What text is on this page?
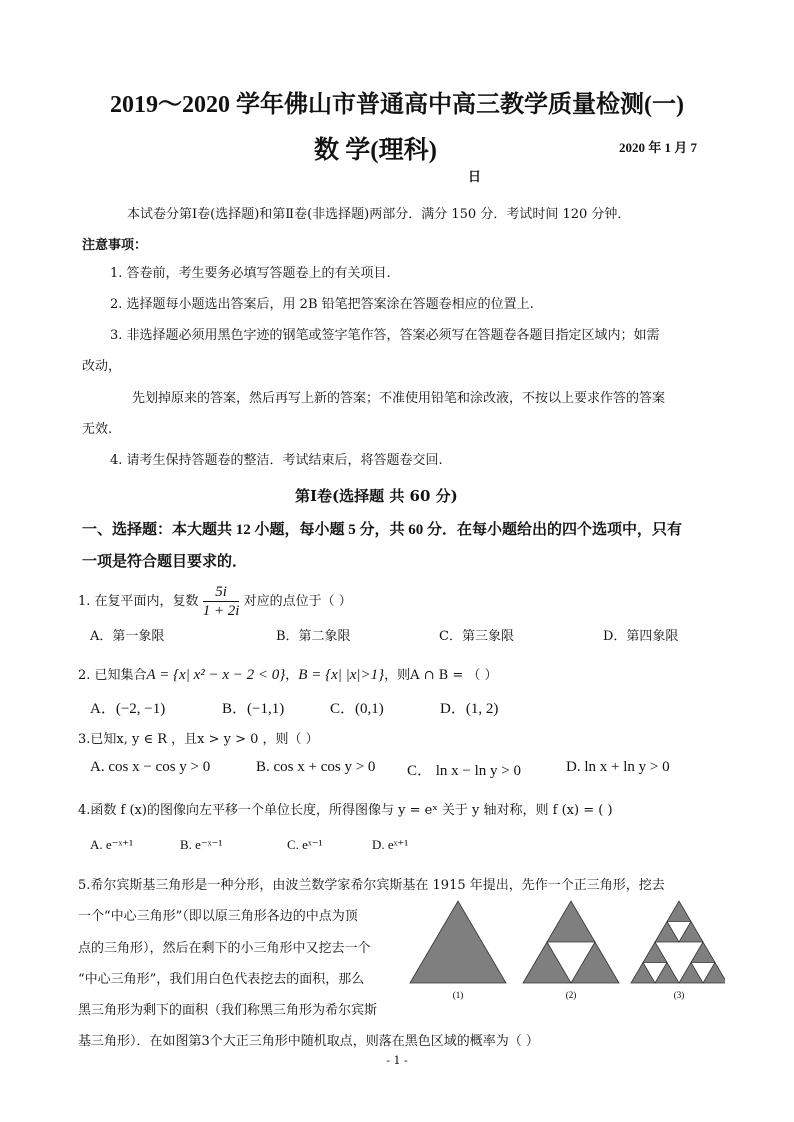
2019～2020 学年佛山市普通高中高三教学质量检测(一)
数 学(理科)	2020 年 1 月 7
日
本试卷分第Ⅰ卷(选择题)和第Ⅱ卷(非选择题)两部分．满分 150 分．考试时间 120 分钟．
注意事项：
1. 答卷前，考生要务必填写答题卷上的有关项目.
2. 选择题每小题选出答案后，用 2B 铅笔把答案涂在答题卷相应的位置上.
3. 非选择题必须用黑色字迹的钢笔或签字笔作答，答案必须写在答题卷各题目指定区域内；如需
改动，
先划掉原来的答案，然后再写上新的答案；不准使用铅笔和涂改液，不按以上要求作答的答案
无效.
4. 请考生保持答题卷的整洁．考试结束后，将答题卷交回.
第Ⅰ卷(选择题 共 60 分)
一、选择题：本大题共 12 小题，每小题 5 分，共 60 分．在每小题给出的四个选项中，只有
一项是符合题目要求的．
1. 在复平面内，复数 $\frac{5i}{1 + 2i}$ 对应的点位于（ ）
A．第一象限	B．第二象限	C．第三象限	D．第四象限
2. 已知集合A = {x| x² − x − 2 < 0}，B = {x| |x|>1}，则A ∩ B = （ ）
A．(−2, −1)	B．(−1,1)	C．(0,1)	D．(1, 2)
3.已知x, y ∈ R ，且x > y > 0 ，则（ ）
A. cos x − cos y > 0	B. cos x + cos y > 0 C． ln x − ln y > 0	D. ln x + ln y > 0
4.函数 f (x)的图像向左平移一个单位长度，所得图像与 y = eˣ 关于 y 轴对称，则 f (x) = ( )
A. e⁻ˣ⁺¹	B. e⁻ˣ⁻¹	C. eˣ⁻¹	D. eˣ⁺¹
5.希尔宾斯基三角形是一种分形，由波兰数学家希尔宾斯基在 1915 年提出，先作一个正三角形，挖去
一个“中心三角形”（即以原三角形各边的中点为顶
点的三角形），然后在剩下的小三角形中又挖去一个
“中心三角形”，我们用白色代表挖去的面积，那么
黑三角形为剩下的面积（我们称黑三角形为希尔宾斯
基三角形）．在如图第3个大正三角形中随机取点，则落在黑色区域的概率为（ ）
(1)	(2)	(3)
- 1 -
